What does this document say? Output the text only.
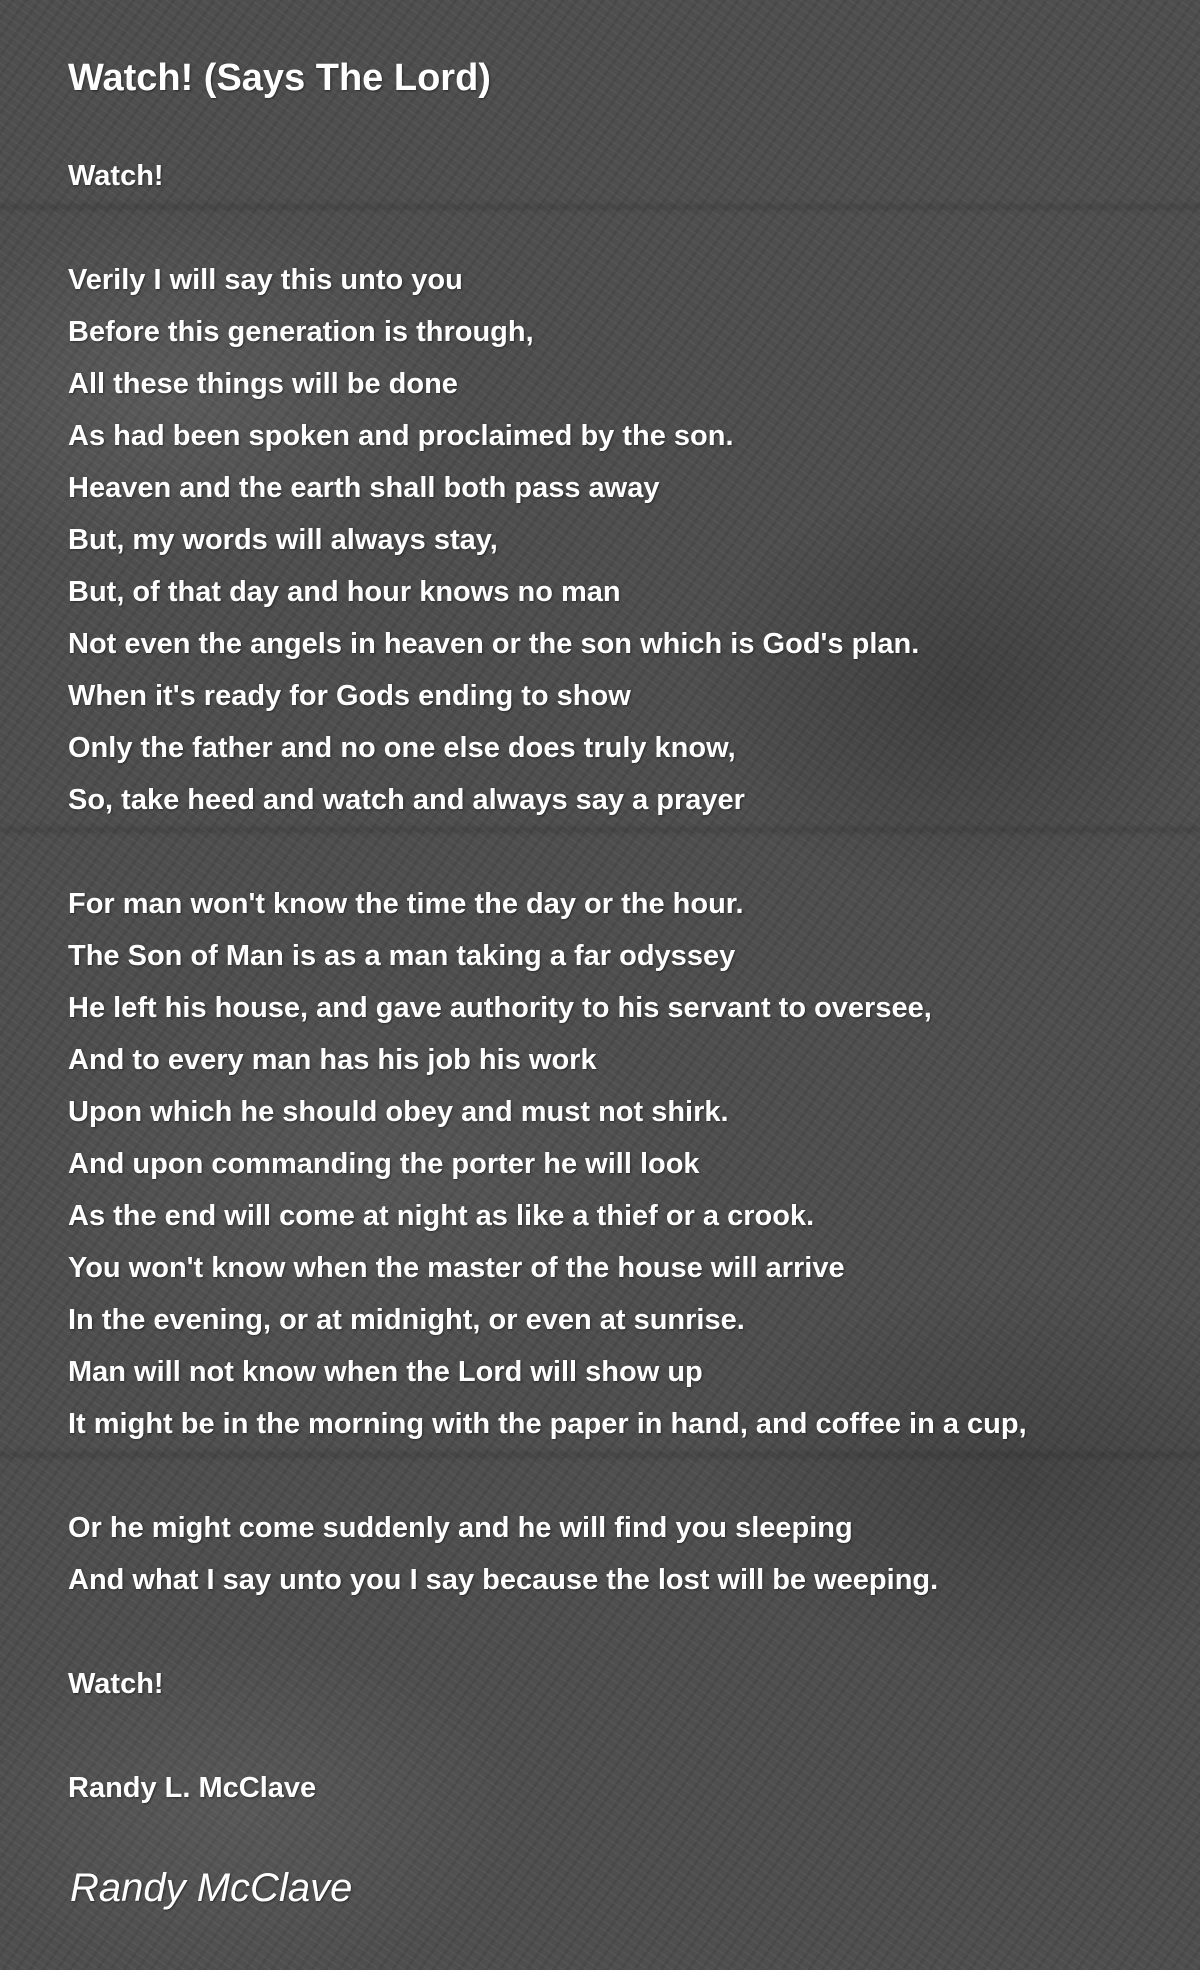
Watch! (Says The Lord)
Watch!
Verily I will say this unto you
Before this generation is through,
All these things will be done
As had been spoken and proclaimed by the son.
Heaven and the earth shall both pass away
But, my words will always stay,
But, of that day and hour knows no man
Not even the angels in heaven or the son which is God's plan.
When it's ready for Gods ending to show
Only the father and no one else does truly know,
So, take heed and watch and always say a prayer
For man won't know the time the day or the hour.
The Son of Man is as a man taking a far odyssey
He left his house, and gave authority to his servant to oversee,
And to every man has his job his work
Upon which he should obey and must not shirk.
And upon commanding the porter he will look
As the end will come at night as like a thief or a crook.
You won't know when the master of the house will arrive
In the evening, or at midnight, or even at sunrise.
Man will not know when the Lord will show up
It might be in the morning with the paper in hand, and coffee in a cup,
Or he might come suddenly and he will find you sleeping
And what I say unto you I say because the lost will be weeping.
Watch!
Randy L. McClave
Randy McClave
